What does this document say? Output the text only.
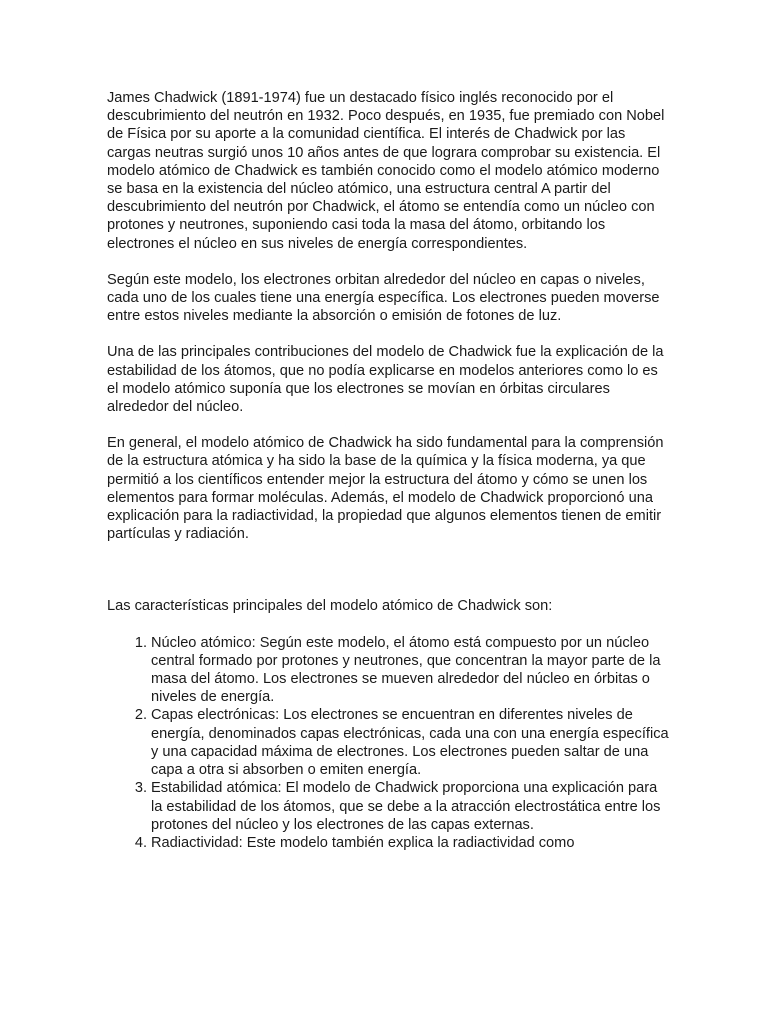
James Chadwick (1891-1974) fue un destacado físico inglés reconocido por el descubrimiento del neutrón en 1932. Poco después, en 1935, fue premiado con Nobel de Física por su aporte a la comunidad científica. El interés de Chadwick por las cargas neutras surgió unos 10 años antes de que lograra comprobar su existencia. El modelo atómico de Chadwick es también conocido como el modelo atómico moderno se basa en la existencia del núcleo atómico, una estructura central A partir del descubrimiento del neutrón por Chadwick, el átomo se entendía como un núcleo con protones y neutrones, suponiendo casi toda la masa del átomo, orbitando los electrones el núcleo en sus niveles de energía correspondientes.

Según este modelo, los electrones orbitan alrededor del núcleo en capas o niveles, cada uno de los cuales tiene una energía específica. Los electrones pueden moverse entre estos niveles mediante la absorción o emisión de fotones de luz.

Una de las principales contribuciones del modelo de Chadwick fue la explicación de la estabilidad de los átomos, que no podía explicarse en modelos anteriores como lo es el modelo atómico suponía que los electrones se movían en órbitas circulares alrededor del núcleo.

En general, el modelo atómico de Chadwick ha sido fundamental para la comprensión de la estructura atómica y ha sido la base de la química y la física moderna, ya que permitió a los científicos entender mejor la estructura del átomo y cómo se unen los elementos para formar moléculas. Además, el modelo de Chadwick proporcionó una explicación para la radiactividad, la propiedad que algunos elementos tienen de emitir partículas y radiación.

Las características principales del modelo atómico de Chadwick son:

1. Núcleo atómico: Según este modelo, el átomo está compuesto por un núcleo central formado por protones y neutrones, que concentran la mayor parte de la masa del átomo. Los electrones se mueven alrededor del núcleo en órbitas o niveles de energía.
2. Capas electrónicas: Los electrones se encuentran en diferentes niveles de energía, denominados capas electrónicas, cada una con una energía específica y una capacidad máxima de electrones. Los electrones pueden saltar de una capa a otra si absorben o emiten energía.
3. Estabilidad atómica: El modelo de Chadwick proporciona una explicación para la estabilidad de los átomos, que se debe a la atracción electrostática entre los protones del núcleo y los electrones de las capas externas.
4. Radiactividad: Este modelo también explica la radiactividad como
